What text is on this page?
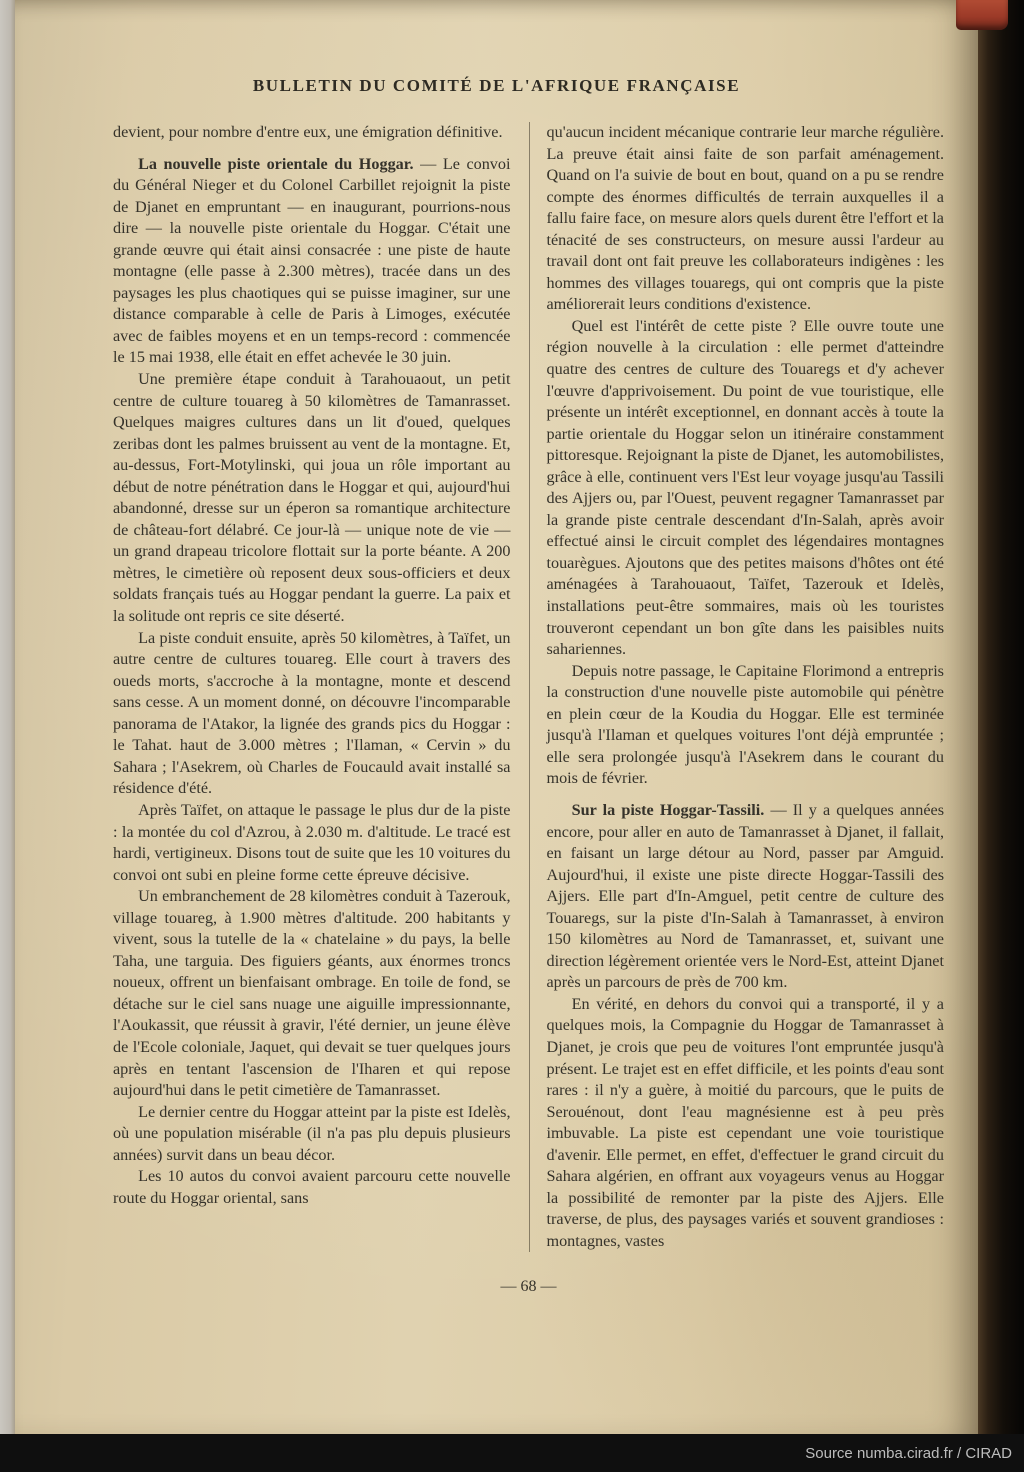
BULLETIN DU COMITÉ DE L'AFRIQUE FRANÇAISE

devient, pour nombre d'entre eux, une émigration définitive.

La nouvelle piste orientale du Hoggar. — Le convoi du Général Nieger et du Colonel Carbillet rejoignit la piste de Djanet en empruntant — en inaugurant, pourrions-nous dire — la nouvelle piste orientale du Hoggar. C'était une grande œuvre qui était ainsi consacrée : une piste de haute montagne (elle passe à 2.300 mètres), tracée dans un des paysages les plus chaotiques qui se puisse imaginer, sur une distance comparable à celle de Paris à Limoges, exécutée avec de faibles moyens et en un temps-record : commencée le 15 mai 1938, elle était en effet achevée le 30 juin.

Une première étape conduit à Tarahouaout, un petit centre de culture touareg à 50 kilomètres de Tamanrasset. Quelques maigres cultures dans un lit d'oued, quelques zeribas dont les palmes bruissent au vent de la montagne. Et, au-dessus, Fort-Motylinski, qui joua un rôle important au début de notre pénétration dans le Hoggar et qui, aujourd'hui abandonné, dresse sur un éperon sa romantique architecture de château-fort délabré. Ce jour-là — unique note de vie — un grand drapeau tricolore flottait sur la porte béante. A 200 mètres, le cimetière où reposent deux sous-officiers et deux soldats français tués au Hoggar pendant la guerre. La paix et la solitude ont repris ce site déserté.

La piste conduit ensuite, après 50 kilomètres, à Taïfet, un autre centre de cultures touareg. Elle court à travers des oueds morts, s'accroche à la montagne, monte et descend sans cesse. A un moment donné, on découvre l'incomparable panorama de l'Atakor, la lignée des grands pics du Hoggar : le Tahat. haut de 3.000 mètres ; l'Ilaman, « Cervin » du Sahara ; l'Asekrem, où Charles de Foucauld avait installé sa résidence d'été.

Après Taïfet, on attaque le passage le plus dur de la piste : la montée du col d'Azrou, à 2.030 m. d'altitude. Le tracé est hardi, vertigineux. Disons tout de suite que les 10 voitures du convoi ont subi en pleine forme cette épreuve décisive.

Un embranchement de 28 kilomètres conduit à Tazerouk, village touareg, à 1.900 mètres d'altitude. 200 habitants y vivent, sous la tutelle de la « chatelaine » du pays, la belle Taha, une targuia. Des figuiers géants, aux énormes troncs noueux, offrent un bienfaisant ombrage. En toile de fond, se détache sur le ciel sans nuage une aiguille impressionnante, l'Aoukassit, que réussit à gravir, l'été dernier, un jeune élève de l'Ecole coloniale, Jaquet, qui devait se tuer quelques jours après en tentant l'ascension de l'Iharen et qui repose aujourd'hui dans le petit cimetière de Tamanrasset.

Le dernier centre du Hoggar atteint par la piste est Idelès, où une population misérable (il n'a pas plu depuis plusieurs années) survit dans un beau décor.

Les 10 autos du convoi avaient parcouru cette nouvelle route du Hoggar oriental, sans

qu'aucun incident mécanique contrarie leur marche régulière. La preuve était ainsi faite de son parfait aménagement. Quand on l'a suivie de bout en bout, quand on a pu se rendre compte des énormes difficultés de terrain auxquelles il a fallu faire face, on mesure alors quels durent être l'effort et la ténacité de ses constructeurs, on mesure aussi l'ardeur au travail dont ont fait preuve les collaborateurs indigènes : les hommes des villages touaregs, qui ont compris que la piste améliorerait leurs conditions d'existence.

Quel est l'intérêt de cette piste ? Elle ouvre toute une région nouvelle à la circulation : elle permet d'atteindre quatre des centres de culture des Touaregs et d'y achever l'œuvre d'apprivoisement. Du point de vue touristique, elle présente un intérêt exceptionnel, en donnant accès à toute la partie orientale du Hoggar selon un itinéraire constamment pittoresque. Rejoignant la piste de Djanet, les automobilistes, grâce à elle, continuent vers l'Est leur voyage jusqu'au Tassili des Ajjers ou, par l'Ouest, peuvent regagner Tamanrasset par la grande piste centrale descendant d'In-Salah, après avoir effectué ainsi le circuit complet des légendaires montagnes touarègues. Ajoutons que des petites maisons d'hôtes ont été aménagées à Tarahouaout, Taïfet, Tazerouk et Idelès, installations peut-être sommaires, mais où les touristes trouveront cependant un bon gîte dans les paisibles nuits sahariennes.

Depuis notre passage, le Capitaine Florimond a entrepris la construction d'une nouvelle piste automobile qui pénètre en plein cœur de la Koudia du Hoggar. Elle est terminée jusqu'à l'Ilaman et quelques voitures l'ont déjà empruntée ; elle sera prolongée jusqu'à l'Asekrem dans le courant du mois de février.

Sur la piste Hoggar-Tassili. — Il y a quelques années encore, pour aller en auto de Tamanrasset à Djanet, il fallait, en faisant un large détour au Nord, passer par Amguid. Aujourd'hui, il existe une piste directe Hoggar-Tassili des Ajjers. Elle part d'In-Amguel, petit centre de culture des Touaregs, sur la piste d'In-Salah à Tamanrasset, à environ 150 kilomètres au Nord de Tamanrasset, et, suivant une direction légèrement orientée vers le Nord-Est, atteint Djanet après un parcours de près de 700 km.

En vérité, en dehors du convoi qui a transporté, il y a quelques mois, la Compagnie du Hoggar de Tamanrasset à Djanet, je crois que peu de voitures l'ont empruntée jusqu'à présent. Le trajet est en effet difficile, et les points d'eau sont rares : il n'y a guère, à moitié du parcours, que le puits de Serouénout, dont l'eau magnésienne est à peu près imbuvable. La piste est cependant une voie touristique d'avenir. Elle permet, en effet, d'effectuer le grand circuit du Sahara algérien, en offrant aux voyageurs venus au Hoggar la possibilité de remonter par la piste des Ajjers. Elle traverse, de plus, des paysages variés et souvent grandioses : montagnes, vastes

— 68 —
Source numba.cirad.fr / CIRAD
